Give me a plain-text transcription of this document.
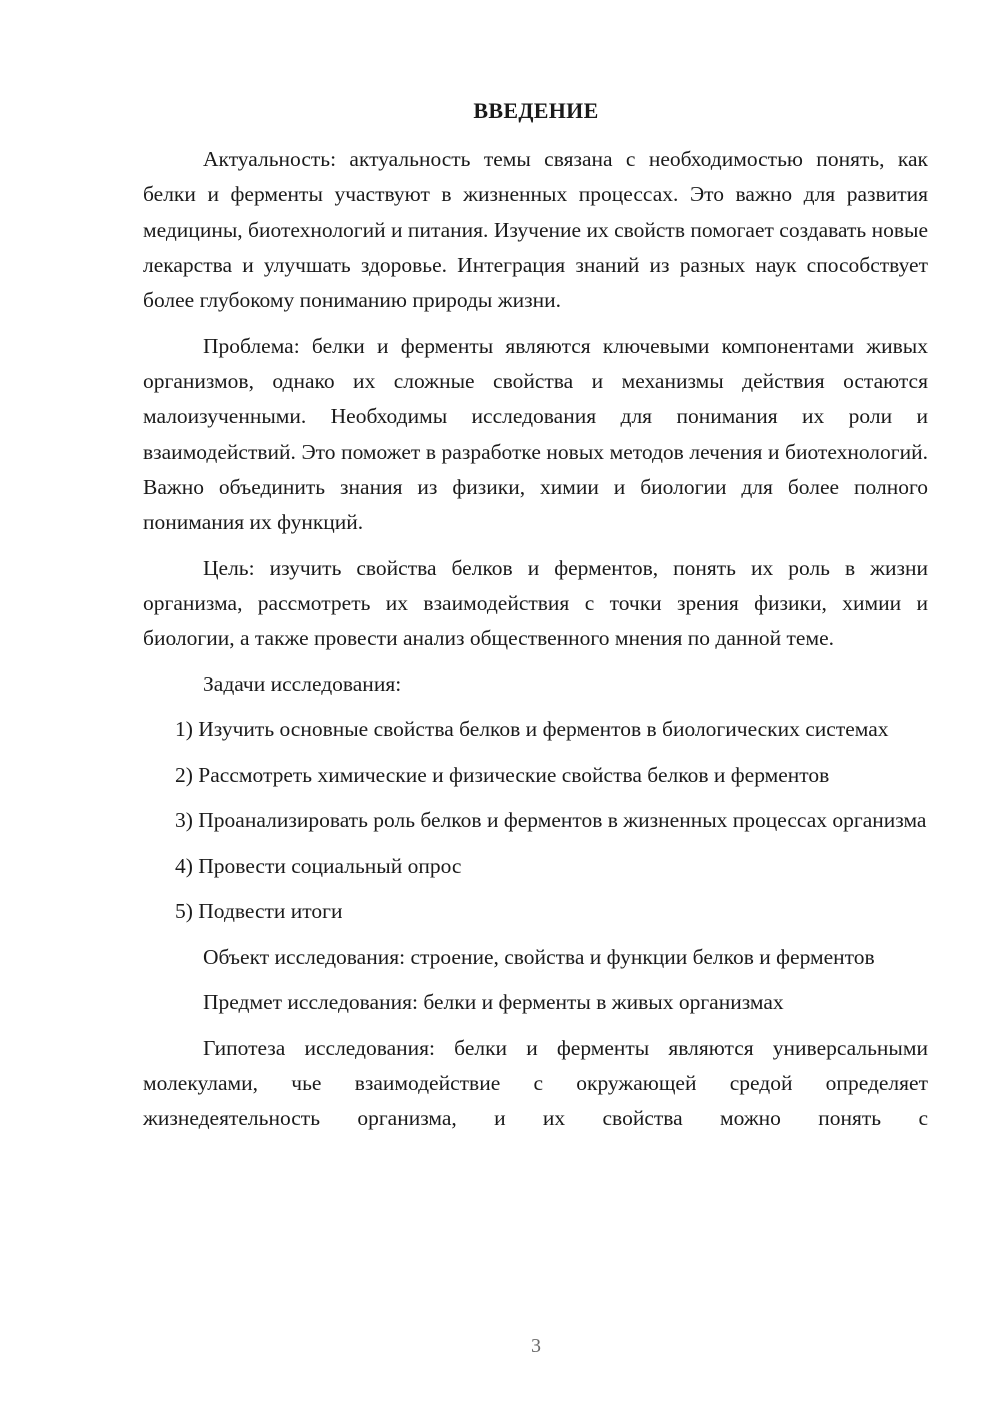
ВВЕДЕНИЕ

Актуальность: актуальность темы связана с необходимостью понять, как белки и ферменты участвуют в жизненных процессах. Это важно для развития медицины, биотехнологий и питания. Изучение их свойств помогает создавать новые лекарства и улучшать здоровье. Интеграция знаний из разных наук способствует более глубокому пониманию природы жизни.

Проблема: белки и ферменты являются ключевыми компонентами живых организмов, однако их сложные свойства и механизмы действия остаются малоизученными. Необходимы исследования для понимания их роли и взаимодействий. Это поможет в разработке новых методов лечения и биотехнологий. Важно объединить знания из физики, химии и биологии для более полного понимания их функций.

Цель: изучить свойства белков и ферментов, понять их роль в жизни организма, рассмотреть их взаимодействия с точки зрения физики, химии и биологии, а также провести анализ общественного мнения по данной теме.

Задачи исследования:

1) Изучить основные свойства белков и ферментов в биологических системах

2) Рассмотреть химические и физические свойства белков и ферментов

3) Проанализировать роль белков и ферментов в жизненных процессах организма

4) Провести социальный опрос

5) Подвести итоги

Объект исследования: строение, свойства и функции белков и ферментов

Предмет исследования: белки и ферменты в живых организмах

Гипотеза исследования: белки и ферменты являются универсальными молекулами, чье взаимодействие с окружающей средой определяет жизнедеятельность организма, и их свойства можно понять с

3
